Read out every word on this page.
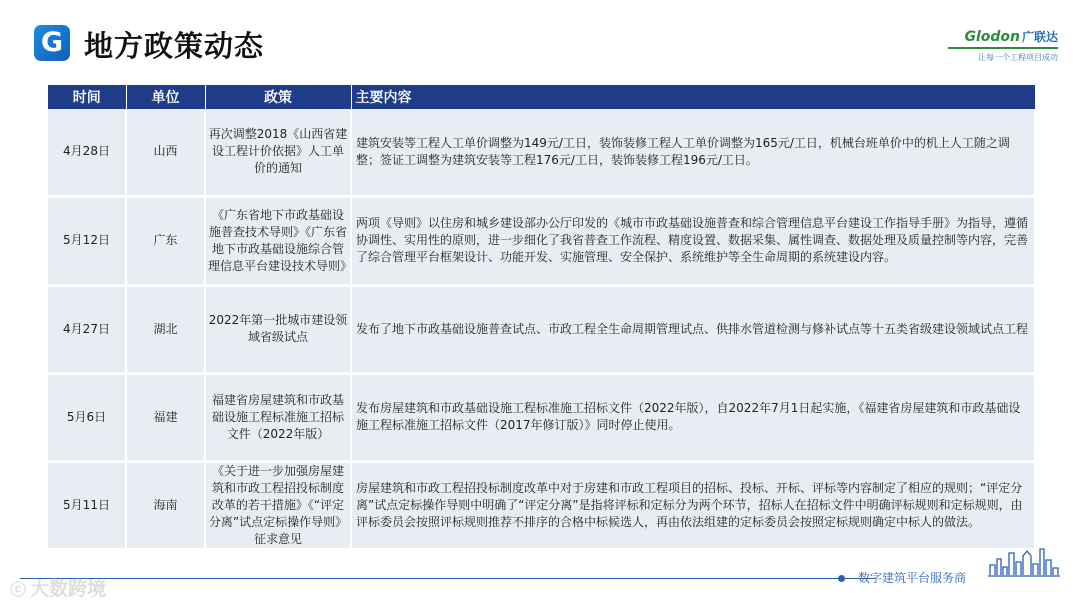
G 地方政策动态	Glodon 广联达
让每一个工程项目成功
时间	单位	政策	主要内容
4月28日	山西	再次调整2018《山西省建设工程计价依据》人工单价的通知	建筑安装等工程人工单价调整为149元/工日，装饰装修工程人工单价调整为165元/工日，机械台班单价中的机上人工随之调整；签证工调整为建筑安装等工程176元/工日，装饰装修工程196元/工日。
5月12日	广东	《广东省地下市政基础设施普查技术导则》《广东省地下市政基础设施综合管理信息平台建设技术导则》	两项《导则》以住房和城乡建设部办公厅印发的《城市市政基础设施普查和综合管理信息平台建设工作指导手册》为指导，遵循协调性、实用性的原则，进一步细化了我省普查工作流程、精度设置、数据采集、属性调查、数据处理及质量控制等内容，完善了综合管理平台框架设计、功能开发、实施管理、安全保护、系统维护等全生命周期的系统建设内容。
4月27日	湖北	2022年第一批城市建设领域省级试点	发布了地下市政基础设施普查试点、市政工程全生命周期管理试点、供排水管道检测与修补试点等十五类省级建设领域试点工程
5月6日	福建	福建省房屋建筑和市政基础设施工程标准施工招标文件（2022年版）	发布房屋建筑和市政基础设施工程标准施工招标文件（2022年版），自2022年7月1日起实施，《福建省房屋建筑和市政基础设施工程标准施工招标文件（2017年修订版）》同时停止使用。
5月11日	海南	《关于进一步加强房屋建筑和市政工程招投标制度改革的若干措施》《“评定分离”试点定标操作导则》征求意见	房屋建筑和市政工程招投标制度改革中对于房建和市政工程项目的招标、投标、开标、评标等内容制定了相应的规则；“评定分离”试点定标操作导则中明确了“评定分离”是指将评标和定标分为两个环节，招标人在招标文件中明确评标规则和定标规则，由评标委员会按照评标规则推荐不排序的合格中标候选人，再由依法组建的定标委员会按照定标规则确定中标人的做法。
数字建筑平台服务商
ⓒ 大数跨境
